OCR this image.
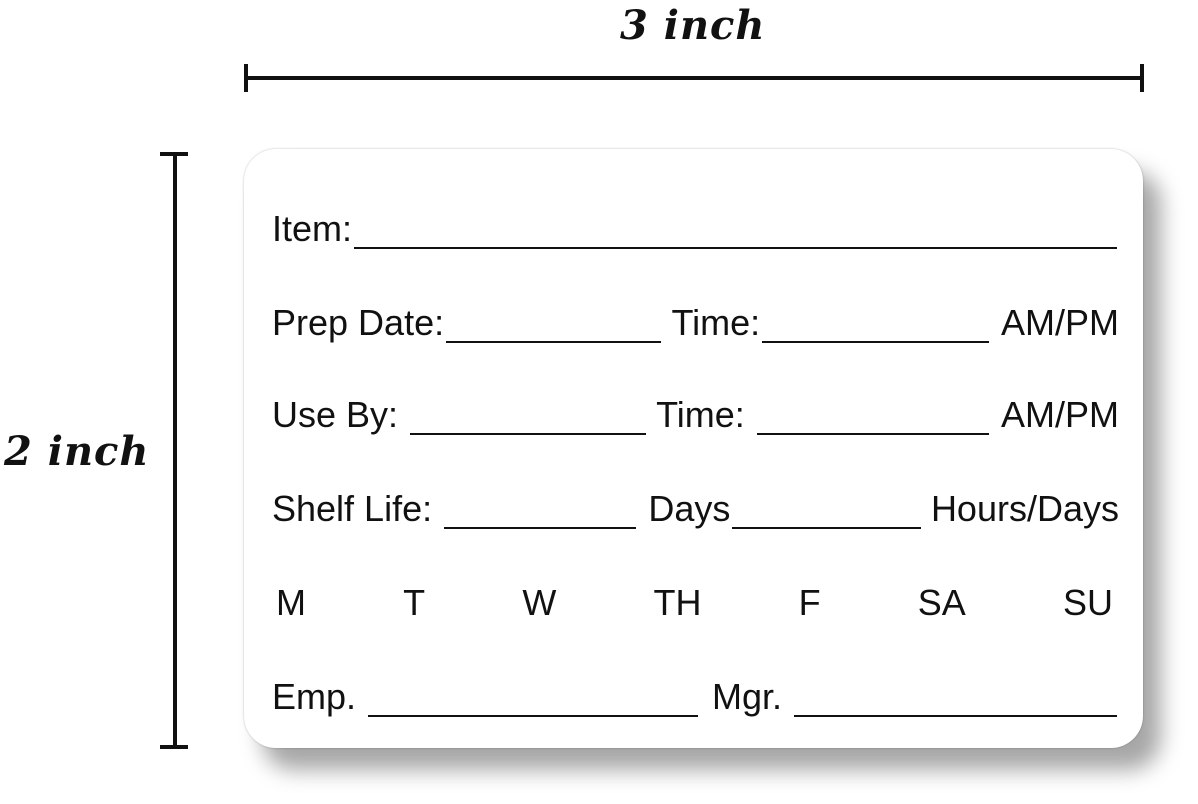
3 inch
2 inch
Item:
Prep Date:	Time:	AM/PM
Use By:	Time:	AM/PM
Shelf Life:	Days	Hours/Days
M	T	W	TH	F	SA	SU
Emp.	Mgr.
